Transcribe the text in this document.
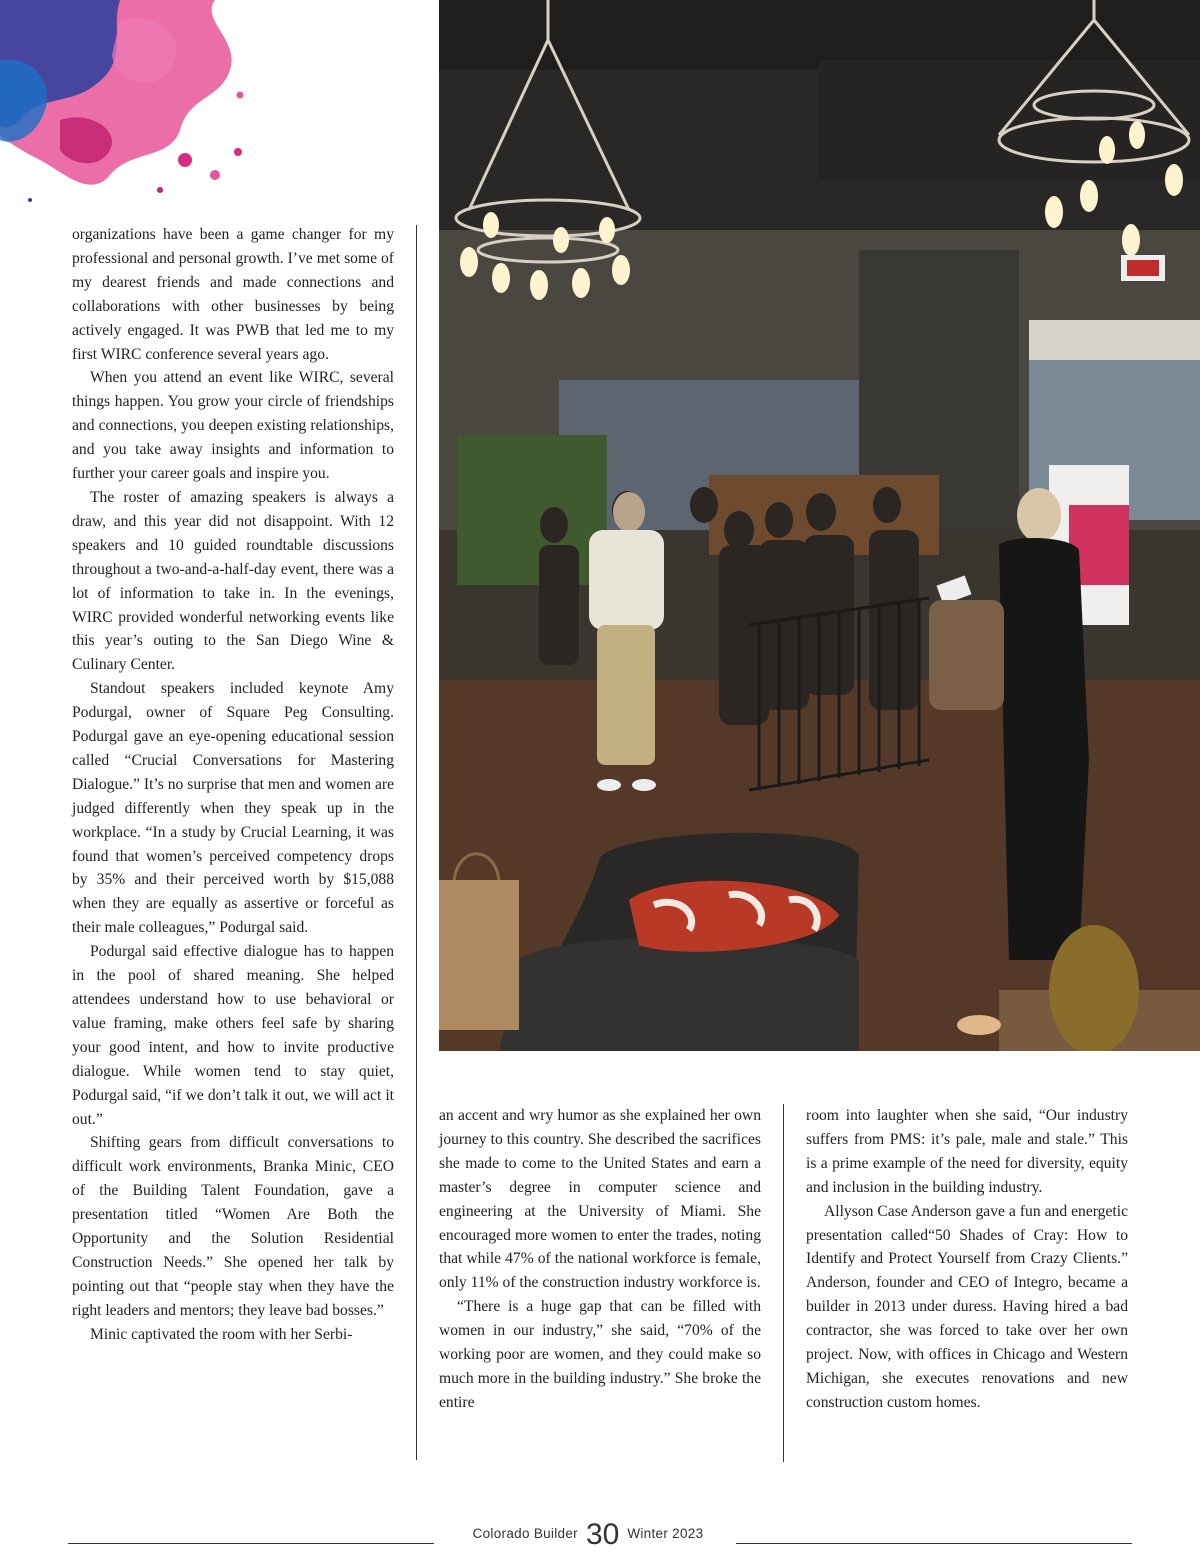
organizations have been a game changer for my professional and personal growth. I’ve met some of my dearest friends and made connections and collaborations with other businesses by being actively engaged. It was PWB that led me to my first WIRC conference several years ago.

When you attend an event like WIRC, several things happen. You grow your circle of friendships and connections, you deepen existing relationships, and you take away insights and information to further your career goals and inspire you.

The roster of amazing speakers is always a draw, and this year did not disappoint. With 12 speakers and 10 guided roundtable discussions throughout a two-and-a-half-day event, there was a lot of information to take in. In the evenings, WIRC provided wonderful networking events like this year’s outing to the San Diego Wine & Culinary Center.

Standout speakers included keynote Amy Podurgal, owner of Square Peg Consulting. Podurgal gave an eye-opening educational session called “Crucial Conversations for Mastering Dialogue.” It’s no surprise that men and women are judged differently when they speak up in the workplace. “In a study by Crucial Learning, it was found that women’s perceived competency drops by 35% and their perceived worth by $15,088 when they are equally as assertive or forceful as their male colleagues,” Podurgal said.

Podurgal said effective dialogue has to happen in the pool of shared meaning. She helped attendees understand how to use behavioral or value framing, make others feel safe by sharing your good intent, and how to invite productive dialogue. While women tend to stay quiet, Podurgal said, “if we don’t talk it out, we will act it out.”

Shifting gears from difficult conversations to difficult work environments, Branka Minic, CEO of the Building Talent Foundation, gave a presentation titled “Women Are Both the Opportunity and the Solution Residential Construction Needs.” She opened her talk by pointing out that “people stay when they have the right leaders and mentors; they leave bad bosses.”

Minic captivated the room with her Serbi-

an accent and wry humor as she explained her own journey to this country. She described the sacrifices she made to come to the United States and earn a master’s degree in computer science and engineering at the University of Miami. She encouraged more women to enter the trades, noting that while 47% of the national workforce is female, only 11% of the construction industry workforce is.

“There is a huge gap that can be filled with women in our industry,” she said, “70% of the working poor are women, and they could make so much more in the building industry.” She broke the entire

room into laughter when she said, “Our industry suffers from PMS: it’s pale, male and stale.” This is a prime example of the need for diversity, equity and inclusion in the building industry.

Allyson Case Anderson gave a fun and energetic presentation called“50 Shades of Cray: How to Identify and Protect Yourself from Crazy Clients.” Anderson, founder and CEO of Integro, became a builder in 2013 under duress. Having hired a bad contractor, she was forced to take over her own project. Now, with offices in Chicago and Western Michigan, she executes renovations and new construction custom homes.

$^{Colorado Builder}$ 30 $^{Winter 2023}$
